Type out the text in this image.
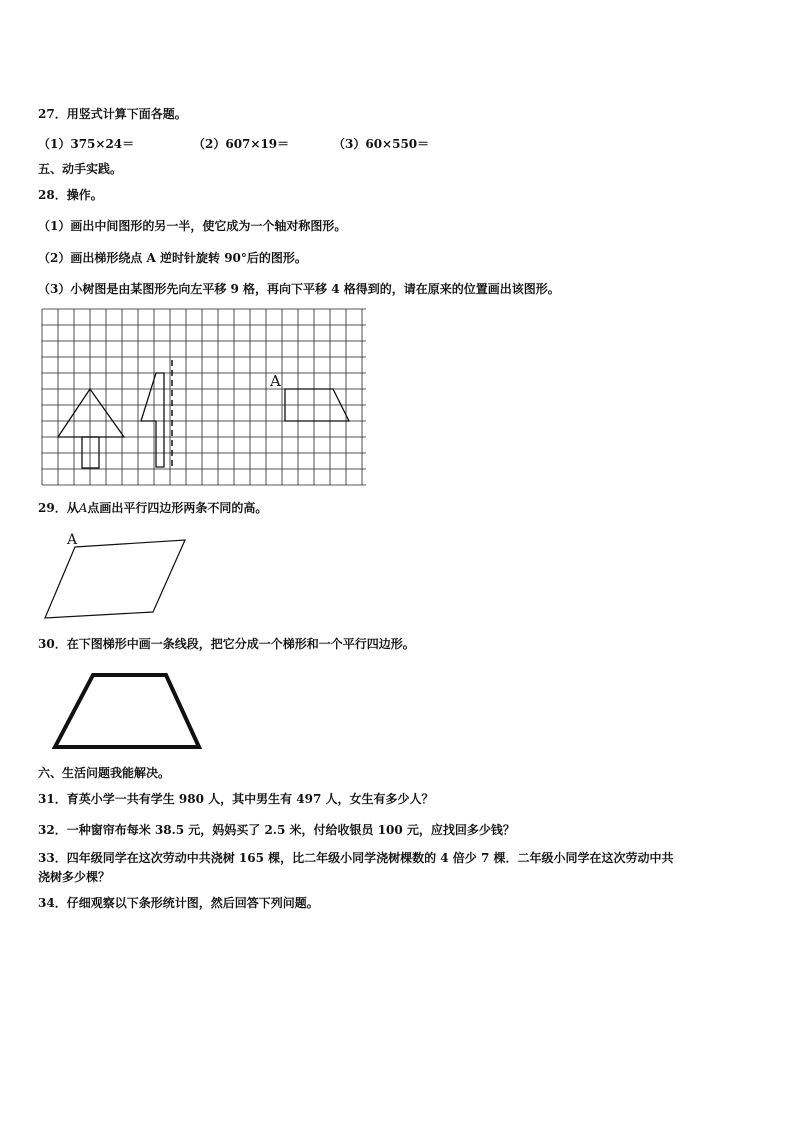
27．用竖式计算下面各题。
（1）375×24＝	（2）607×19＝	（3）60×550＝
五、动手实践。
28．操作。
（1）画出中间图形的另一半，使它成为一个轴对称图形。
（2）画出梯形绕点 A 逆时针旋转 90°后的图形。
（3）小树图是由某图形先向左平移 9 格，再向下平移 4 格得到的，请在原来的位置画出该图形。
A
29．从A点画出平行四边形两条不同的高。
A
30．在下图梯形中画一条线段，把它分成一个梯形和一个平行四边形。
六、生活问题我能解决。
31．育英小学一共有学生 980 人，其中男生有 497 人，女生有多少人？
32．一种窗帘布每米 38.5 元，妈妈买了 2.5 米，付给收银员 100 元，应找回多少钱？
33．四年级同学在这次劳动中共浇树 165 棵，比二年级小同学浇树棵数的 4 倍少 7 棵．二年级小同学在这次劳动中共
浇树多少棵？
34．仔细观察以下条形统计图，然后回答下列问题。
